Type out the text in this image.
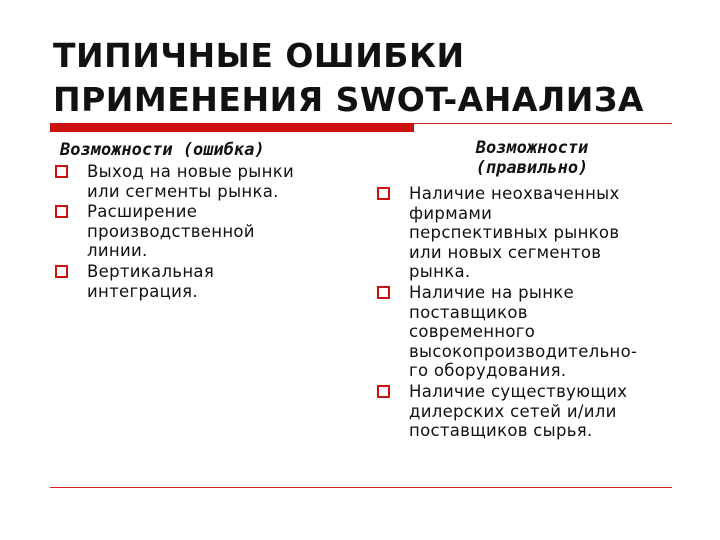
ТИПИЧНЫЕ ОШИБКИ
ПРИМЕНЕНИЯ SWOT-АНАЛИЗА
Возможности (ошибка)
Выход на новые рынки
или сегменты рынка.
Расширение
производственной
линии.
Вертикальная
интеграция.
Возможности
(правильно)
Наличие неохваченных
фирмами
перспективных рынков
или новых сегментов
рынка.
Наличие на рынке
поставщиков
современного
высокопроизводительно-
го оборудования.
Наличие существующих
дилерских сетей и/или
поставщиков сырья.
